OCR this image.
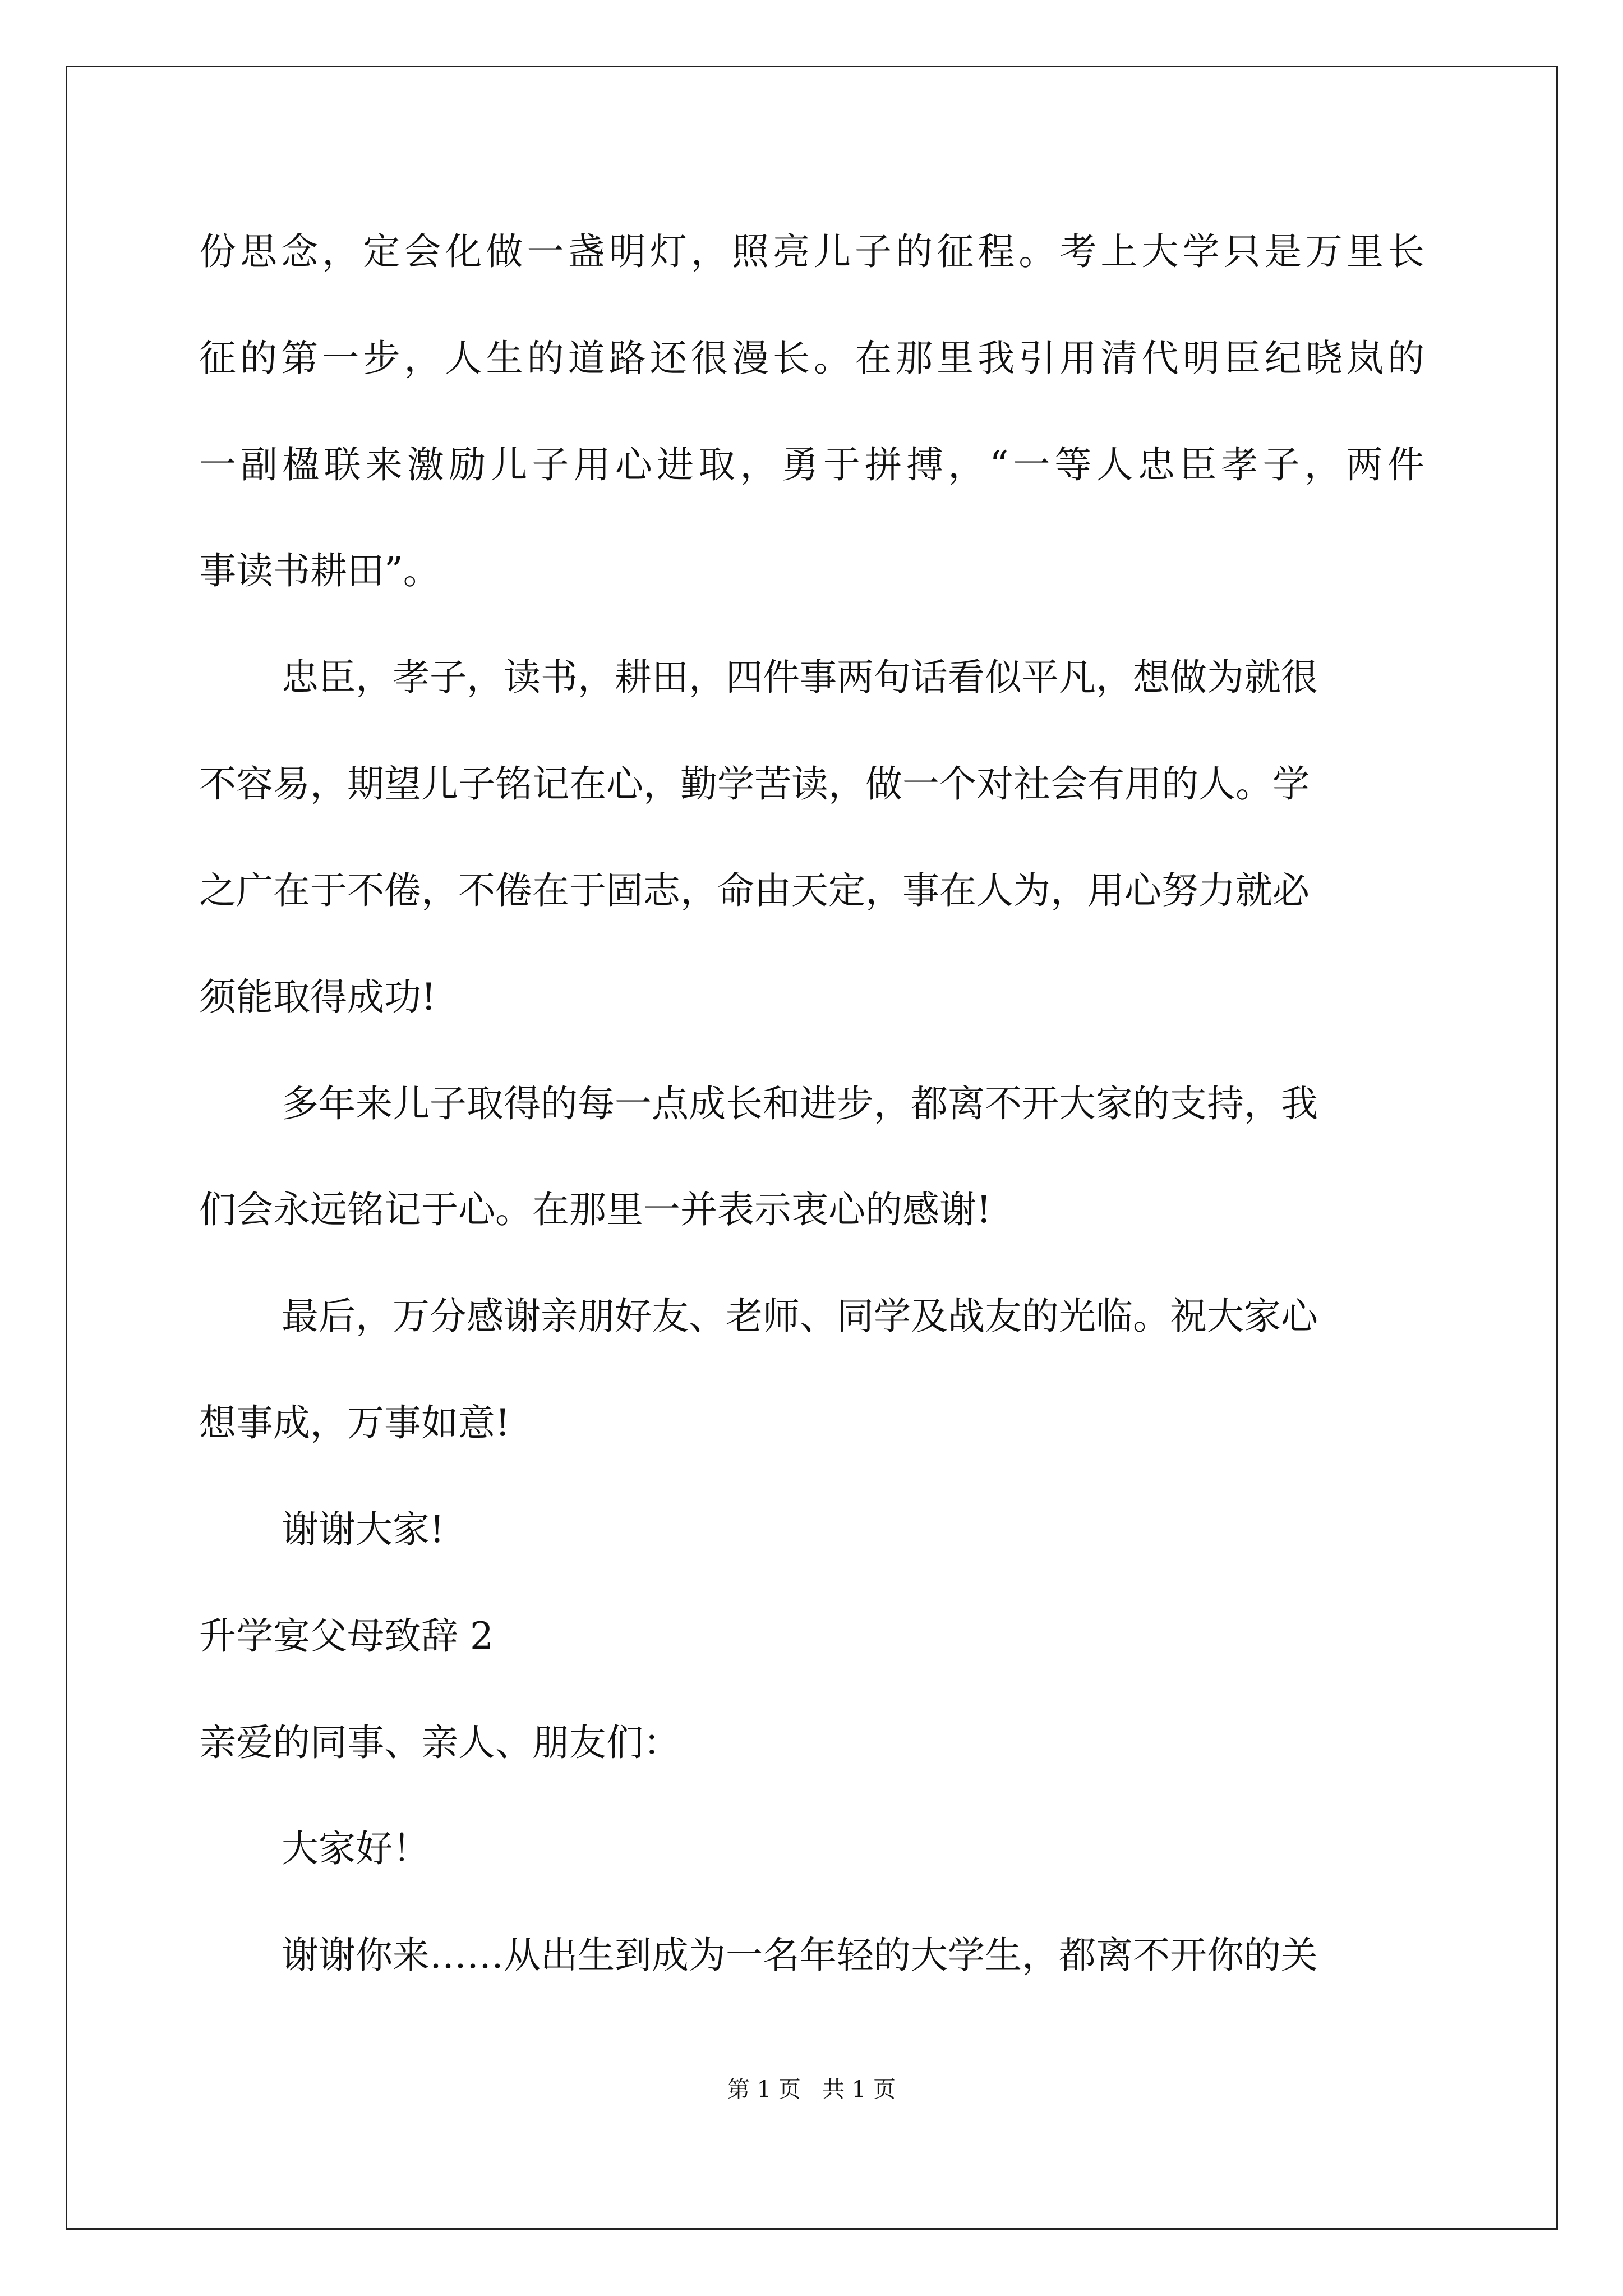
份思念，定会化做一盏明灯，照亮儿子的征程。考上大学只是万里长
征的第一步，人生的道路还很漫长。在那里我引用清代明臣纪晓岚的
一副楹联来激励儿子用心进取，勇于拼搏，“一等人忠臣孝子，两件
事读书耕田”。
忠臣，孝子，读书，耕田，四件事两句话看似平凡，想做为就很
不容易，期望儿子铭记在心，勤学苦读，做一个对社会有用的人。学
之广在于不倦，不倦在于固志，命由天定，事在人为，用心努力就必
须能取得成功!
多年来儿子取得的每一点成长和进步，都离不开大家的支持，我
们会永远铭记于心。在那里一并表示衷心的感谢!
最后，万分感谢亲朋好友、老师、同学及战友的光临。祝大家心
想事成，万事如意!
谢谢大家!
升学宴父母致辞 2
亲爱的同事、亲人、朋友们：
大家好！
谢谢你来……从出生到成为一名年轻的大学生，都离不开你的关
第 1 页   共 1 页
